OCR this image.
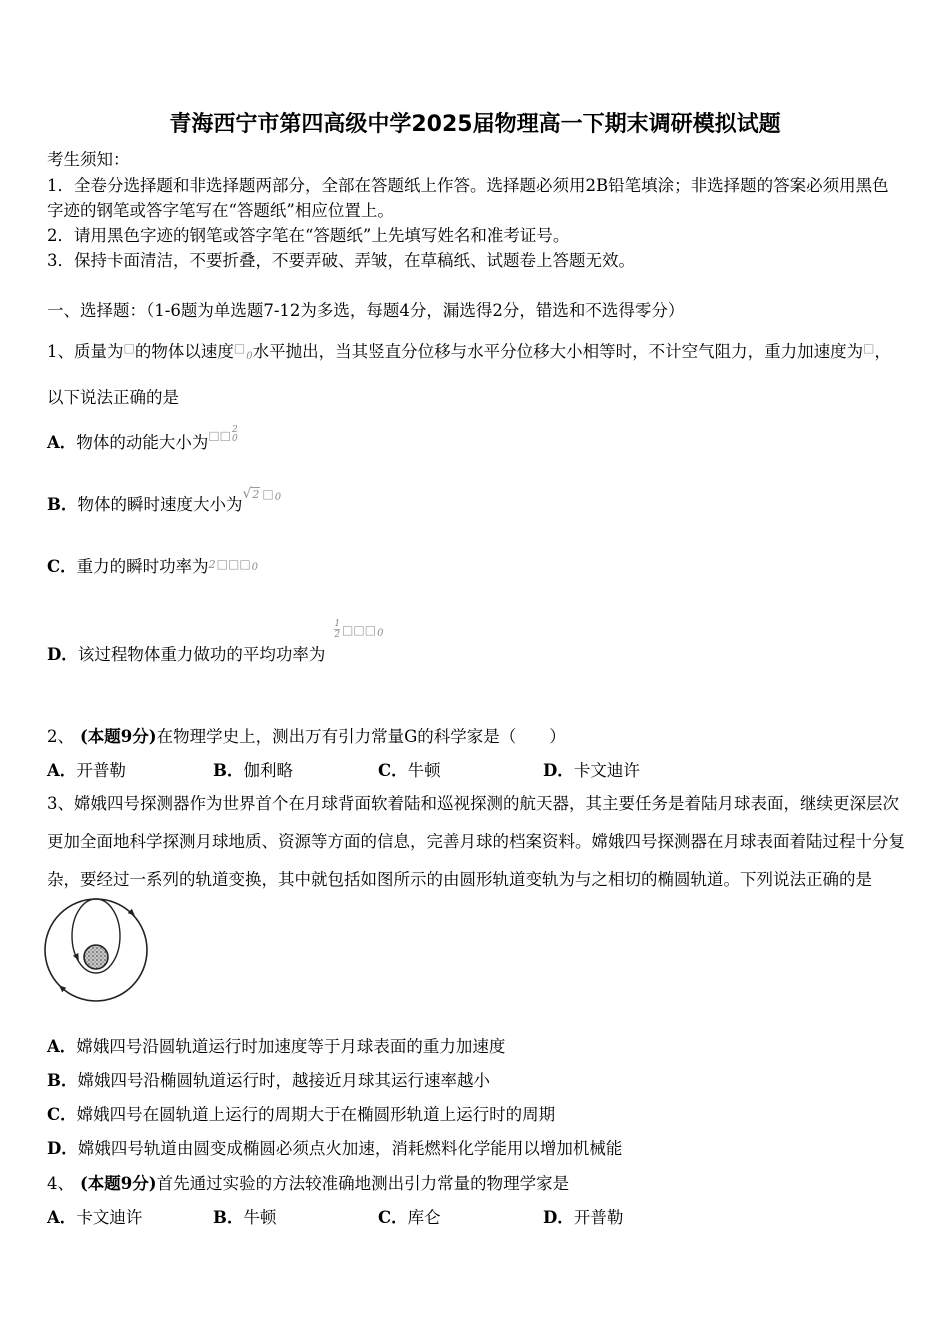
青海西宁市第四高级中学2025届物理高一下期末调研模拟试题
考生须知：
1．全卷分选择题和非选择题两部分，全部在答题纸上作答。选择题必须用2B铅笔填涂；非选择题的答案必须用黑色
字迹的钢笔或答字笔写在“答题纸”相应位置上。
2．请用黑色字迹的钢笔或答字笔在“答题纸”上先填写姓名和准考证号。
3．保持卡面清洁，不要折叠，不要弄破、弄皱，在草稿纸、试题卷上答题无效。
一、选择题：（1-6题为单选题7-12为多选，每题4分，漏选得2分，错选和不选得零分）
1、质量为□的物体以速度□0水平抛出，当其竖直分位移与水平分位移大小相等时，不计空气阻力，重力加速度为□，
以下说法正确的是
A．物体的动能大小为□□ 2
0
B．物体的瞬时速度大小为√2 □0
C．重力的瞬时功率为2□□□0
D．该过程物体重力做功的平均功率为
$\frac{1}{2}$ □□□0
2、 (本题9分)在物理学史上，测出万有引力常量G的科学家是（　　）
A．开普勒	B．伽利略	C．牛顿	D．卡文迪许
3、嫦娥四号探测器作为世界首个在月球背面软着陆和巡视探测的航天器，其主要任务是着陆月球表面，继续更深层次
更加全面地科学探测月球地质、资源等方面的信息，完善月球的档案资料。嫦娥四号探测器在月球表面着陆过程十分复
杂，要经过一系列的轨道变换，其中就包括如图所示的由圆形轨道变轨为与之相切的椭圆轨道。下列说法正确的是
A．嫦娥四号沿圆轨道运行时加速度等于月球表面的重力加速度
B．嫦娥四号沿椭圆轨道运行时，越接近月球其运行速率越小
C．嫦娥四号在圆轨道上运行的周期大于在椭圆形轨道上运行时的周期
D．嫦娥四号轨道由圆变成椭圆必须点火加速，消耗燃料化学能用以增加机械能
4、 (本题9分)首先通过实验的方法较准确地测出引力常量的物理学家是
A．卡文迪许	B．牛顿	C．库仑	D．开普勒
